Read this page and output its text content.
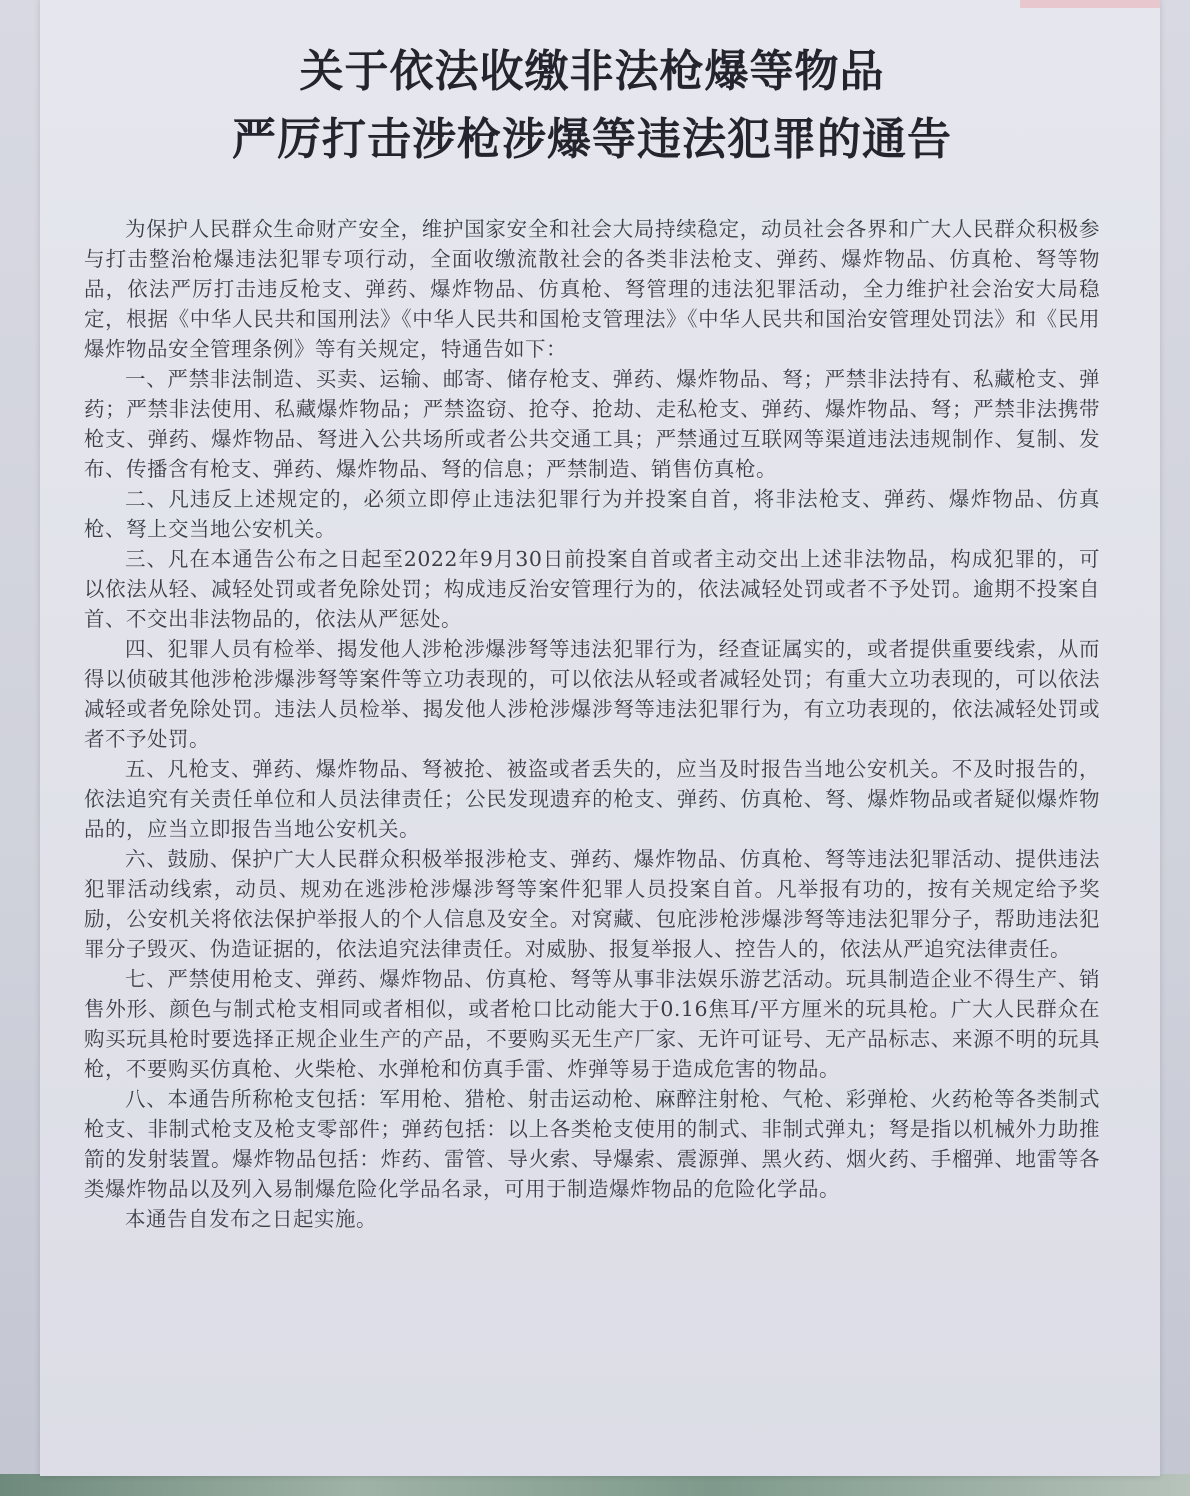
关于依法收缴非法枪爆等物品
严厉打击涉枪涉爆等违法犯罪的通告

为保护人民群众生命财产安全，维护国家安全和社会大局持续稳定，动员社会各界和广大人民群众积极参与打击整治枪爆违法犯罪专项行动，全面收缴流散社会的各类非法枪支、弹药、爆炸物品、仿真枪、弩等物品，依法严厉打击违反枪支、弹药、爆炸物品、仿真枪、弩管理的违法犯罪活动，全力维护社会治安大局稳定，根据《中华人民共和国刑法》《中华人民共和国枪支管理法》《中华人民共和国治安管理处罚法》和《民用爆炸物品安全管理条例》等有关规定，特通告如下：

一、严禁非法制造、买卖、运输、邮寄、储存枪支、弹药、爆炸物品、弩；严禁非法持有、私藏枪支、弹药；严禁非法使用、私藏爆炸物品；严禁盗窃、抢夺、抢劫、走私枪支、弹药、爆炸物品、弩；严禁非法携带枪支、弹药、爆炸物品、弩进入公共场所或者公共交通工具；严禁通过互联网等渠道违法违规制作、复制、发布、传播含有枪支、弹药、爆炸物品、弩的信息；严禁制造、销售仿真枪。

二、凡违反上述规定的，必须立即停止违法犯罪行为并投案自首，将非法枪支、弹药、爆炸物品、仿真枪、弩上交当地公安机关。

三、凡在本通告公布之日起至2022年9月30日前投案自首或者主动交出上述非法物品，构成犯罪的，可以依法从轻、减轻处罚或者免除处罚；构成违反治安管理行为的，依法减轻处罚或者不予处罚。逾期不投案自首、不交出非法物品的，依法从严惩处。

四、犯罪人员有检举、揭发他人涉枪涉爆涉弩等违法犯罪行为，经查证属实的，或者提供重要线索，从而得以侦破其他涉枪涉爆涉弩等案件等立功表现的，可以依法从轻或者减轻处罚；有重大立功表现的，可以依法减轻或者免除处罚。违法人员检举、揭发他人涉枪涉爆涉弩等违法犯罪行为，有立功表现的，依法减轻处罚或者不予处罚。

五、凡枪支、弹药、爆炸物品、弩被抢、被盗或者丢失的，应当及时报告当地公安机关。不及时报告的，依法追究有关责任单位和人员法律责任；公民发现遗弃的枪支、弹药、仿真枪、弩、爆炸物品或者疑似爆炸物品的，应当立即报告当地公安机关。

六、鼓励、保护广大人民群众积极举报涉枪支、弹药、爆炸物品、仿真枪、弩等违法犯罪活动、提供违法犯罪活动线索，动员、规劝在逃涉枪涉爆涉弩等案件犯罪人员投案自首。凡举报有功的，按有关规定给予奖励，公安机关将依法保护举报人的个人信息及安全。对窝藏、包庇涉枪涉爆涉弩等违法犯罪分子，帮助违法犯罪分子毁灭、伪造证据的，依法追究法律责任。对威胁、报复举报人、控告人的，依法从严追究法律责任。

七、严禁使用枪支、弹药、爆炸物品、仿真枪、弩等从事非法娱乐游艺活动。玩具制造企业不得生产、销售外形、颜色与制式枪支相同或者相似，或者枪口比动能大于0.16焦耳/平方厘米的玩具枪。广大人民群众在购买玩具枪时要选择正规企业生产的产品，不要购买无生产厂家、无许可证号、无产品标志、来源不明的玩具枪，不要购买仿真枪、火柴枪、水弹枪和仿真手雷、炸弹等易于造成危害的物品。

八、本通告所称枪支包括：军用枪、猎枪、射击运动枪、麻醉注射枪、气枪、彩弹枪、火药枪等各类制式枪支、非制式枪支及枪支零部件；弹药包括：以上各类枪支使用的制式、非制式弹丸；弩是指以机械外力助推箭的发射装置。爆炸物品包括：炸药、雷管、导火索、导爆索、震源弹、黑火药、烟火药、手榴弹、地雷等各类爆炸物品以及列入易制爆危险化学品名录，可用于制造爆炸物品的危险化学品。

本通告自发布之日起实施。
